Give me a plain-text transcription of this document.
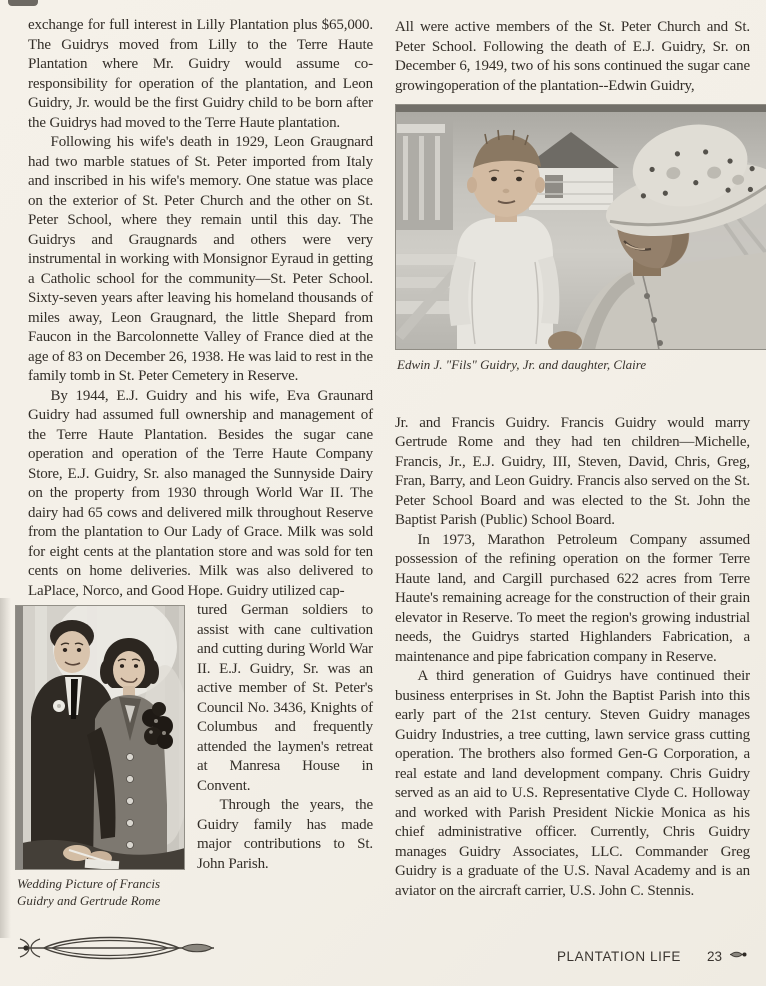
exchange for full interest in Lilly Plantation plus $65,000. The Guidrys moved from Lilly to the Terre Haute Plantation where Mr. Guidry would assume co-responsibility for operation of the plantation, and Leon Guidry, Jr. would be the first Guidry child to be born after the Guidrys had moved to the Terre Haute plantation.

Following his wife's death in 1929, Leon Graugnard had two marble statues of St. Peter imported from Italy and inscribed in his wife's memory. One statue was place on the exterior of St. Peter Church and the other on St. Peter School, where they remain until this day. The Guidrys and Graugnards and others were very instrumental in working with Monsignor Eyraud in getting a Catholic school for the community—St. Peter School. Sixty-seven years after leaving his homeland thousands of miles away, Leon Graugnard, the little Shepard from Faucon in the Barcolonnette Valley of France died at the age of 83 on December 26, 1938. He was laid to rest in the family tomb in St. Peter Cemetery in Reserve.

By 1944, E.J. Guidry and his wife, Eva Graunard Guidry had assumed full ownership and management of the Terre Haute Plantation. Besides the sugar cane operation and operation of the Terre Haute Company Store, E.J. Guidry, Sr. also managed the Sunnyside Dairy on the property from 1930 through World War II. The dairy had 65 cows and delivered milk throughout Reserve from the plantation to Our Lady of Grace. Milk was sold for eight cents at the plantation store and was sold for ten cents on home deliveries. Milk was also delivered to LaPlace, Norco, and Good Hope. Guidry utilized cap-

Wedding Picture of Francis Guidry and Gertrude Rome

tured German soldiers to assist with cane cultivation and cutting during World War II. E.J. Guidry, Sr. was an active member of St. Peter's Council No. 3436, Knights of Columbus and frequently attended the laymen's retreat at Manresa House in Convent.

Through the years, the Guidry family has made major contributions to St. John Parish.

All were active members of the St. Peter Church and St. Peter School. Following the death of E.J. Guidry, Sr. on December 6, 1949, two of his sons continued the sugar cane growingoperation of the plantation--Edwin Guidry,

Edwin J. "Fils" Guidry, Jr. and daughter, Claire

Jr. and Francis Guidry. Francis Guidry would marry Gertrude Rome and they had ten children—Michelle, Francis, Jr., E.J. Guidry, III, Steven, David, Chris, Greg, Fran, Barry, and Leon Guidry. Francis also served on the St. Peter School Board and was elected to the St. John the Baptist Parish (Public) School Board.

In 1973, Marathon Petroleum Company assumed possession of the refining operation on the former Terre Haute land, and Cargill purchased 622 acres from Terre Haute's remaining acreage for the construction of their grain elevator in Reserve. To meet the region's growing industrial needs, the Guidrys started Highlanders Fabrication, a maintenance and pipe fabrication company in Reserve.

A third generation of Guidrys have continued their business enterprises in St. John the Baptist Parish into this early part of the 21st century. Steven Guidry manages Guidry Industries, a tree cutting, lawn service grass cutting operation. The brothers also formed Gen-G Corporation, a real estate and land development company. Chris Guidry served as an aid to U.S. Representative Clyde C. Holloway and worked with Parish President Nickie Monica as his chief administrative officer. Currently, Chris Guidry manages Guidry Associates, LLC. Commander Greg Guidry is a graduate of the U.S. Naval Academy and is an aviator on the aircraft carrier, U.S. John C. Stennis.

PLANTATION LIFE 23
